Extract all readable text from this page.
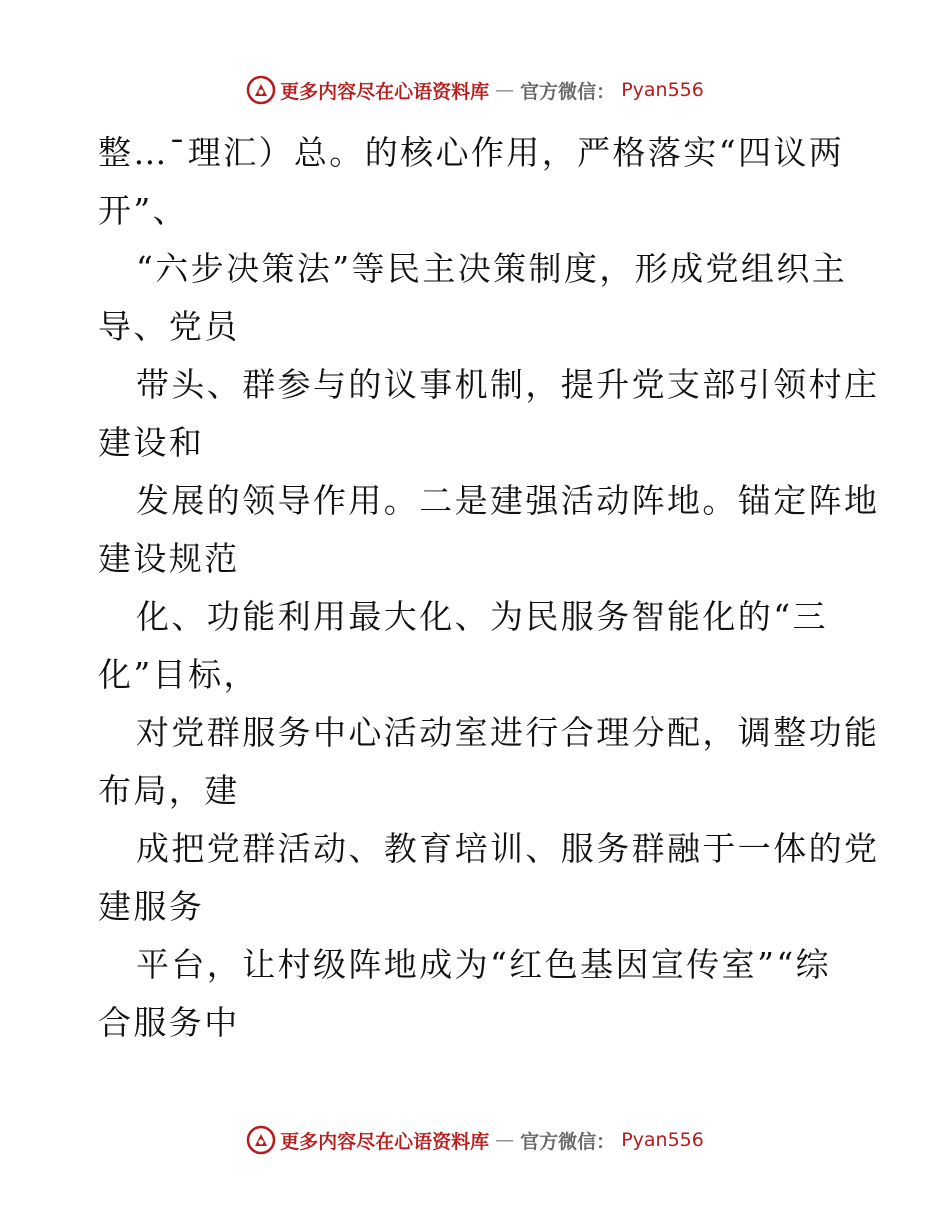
更多内容尽在心语资料库 — 官方微信： Pyan556
整…¯理汇）总。的核心作用，严格落实“四议两
开”、
“六步决策法”等民主决策制度，形成党组织主
导、党员
带头、群参与的议事机制，提升党支部引领村庄
建设和
发展的领导作用。二是建强活动阵地。锚定阵地
建设规范
化、功能利用最大化、为民服务智能化的“三
化”目标，
对党群服务中心活动室进行合理分配，调整功能
布局，建
成把党群活动、教育培训、服务群融于一体的党
建服务
平台，让村级阵地成为“红色基因宣传室”“综
合服务中
更多内容尽在心语资料库 — 官方微信： Pyan556
